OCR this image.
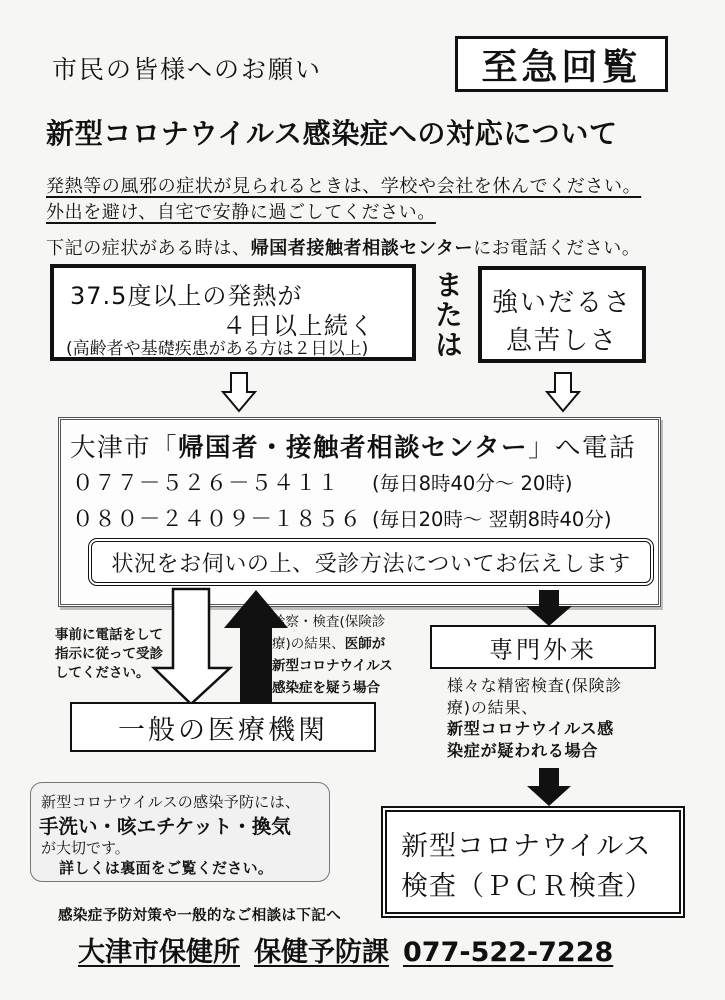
市民の皆様へのお願い	至急回覧
新型コロナウイルス感染症への対応について
発熱等の風邪の症状が見られるときは、学校や会社を休んでください。
外出を避け、自宅で安静に過ごしてください。
下記の症状がある時は、帰国者接触者相談センターにお電話ください。
37.5度以上の発熱が
４日以上続く
(高齢者や基礎疾患がある方は２日以上) または	強いだるさ
息苦しさ
大津市「帰国者・接触者相談センター」へ電話
０７７－５２６－５４１１	(毎日8時40分～ 20時)
０８０－２４０９－１８５６ (毎日20時～ 翌朝8時40分)
状況をお伺いの上、受診方法についてお伝えします
事前に電話をして
指示に従って受診
してください。
診察・検査(保険診
療)の結果、医師が
新型コロナウイルス
感染症を疑う場合
専門外来
様々な精密検査(保険診
療)の結果、
新型コロナウイルス感
染症が疑われる場合
一般の医療機関
新型コロナウイルス
検査（ＰＣＲ検査）
新型コロナウイルスの感染予防には、
手洗い・咳エチケット・換気
が大切です。
詳しくは裏面をご覧ください。
感染症予防対策や一般的なご相談は下記へ
大津市保健所 保健予防課 077-522-7228
